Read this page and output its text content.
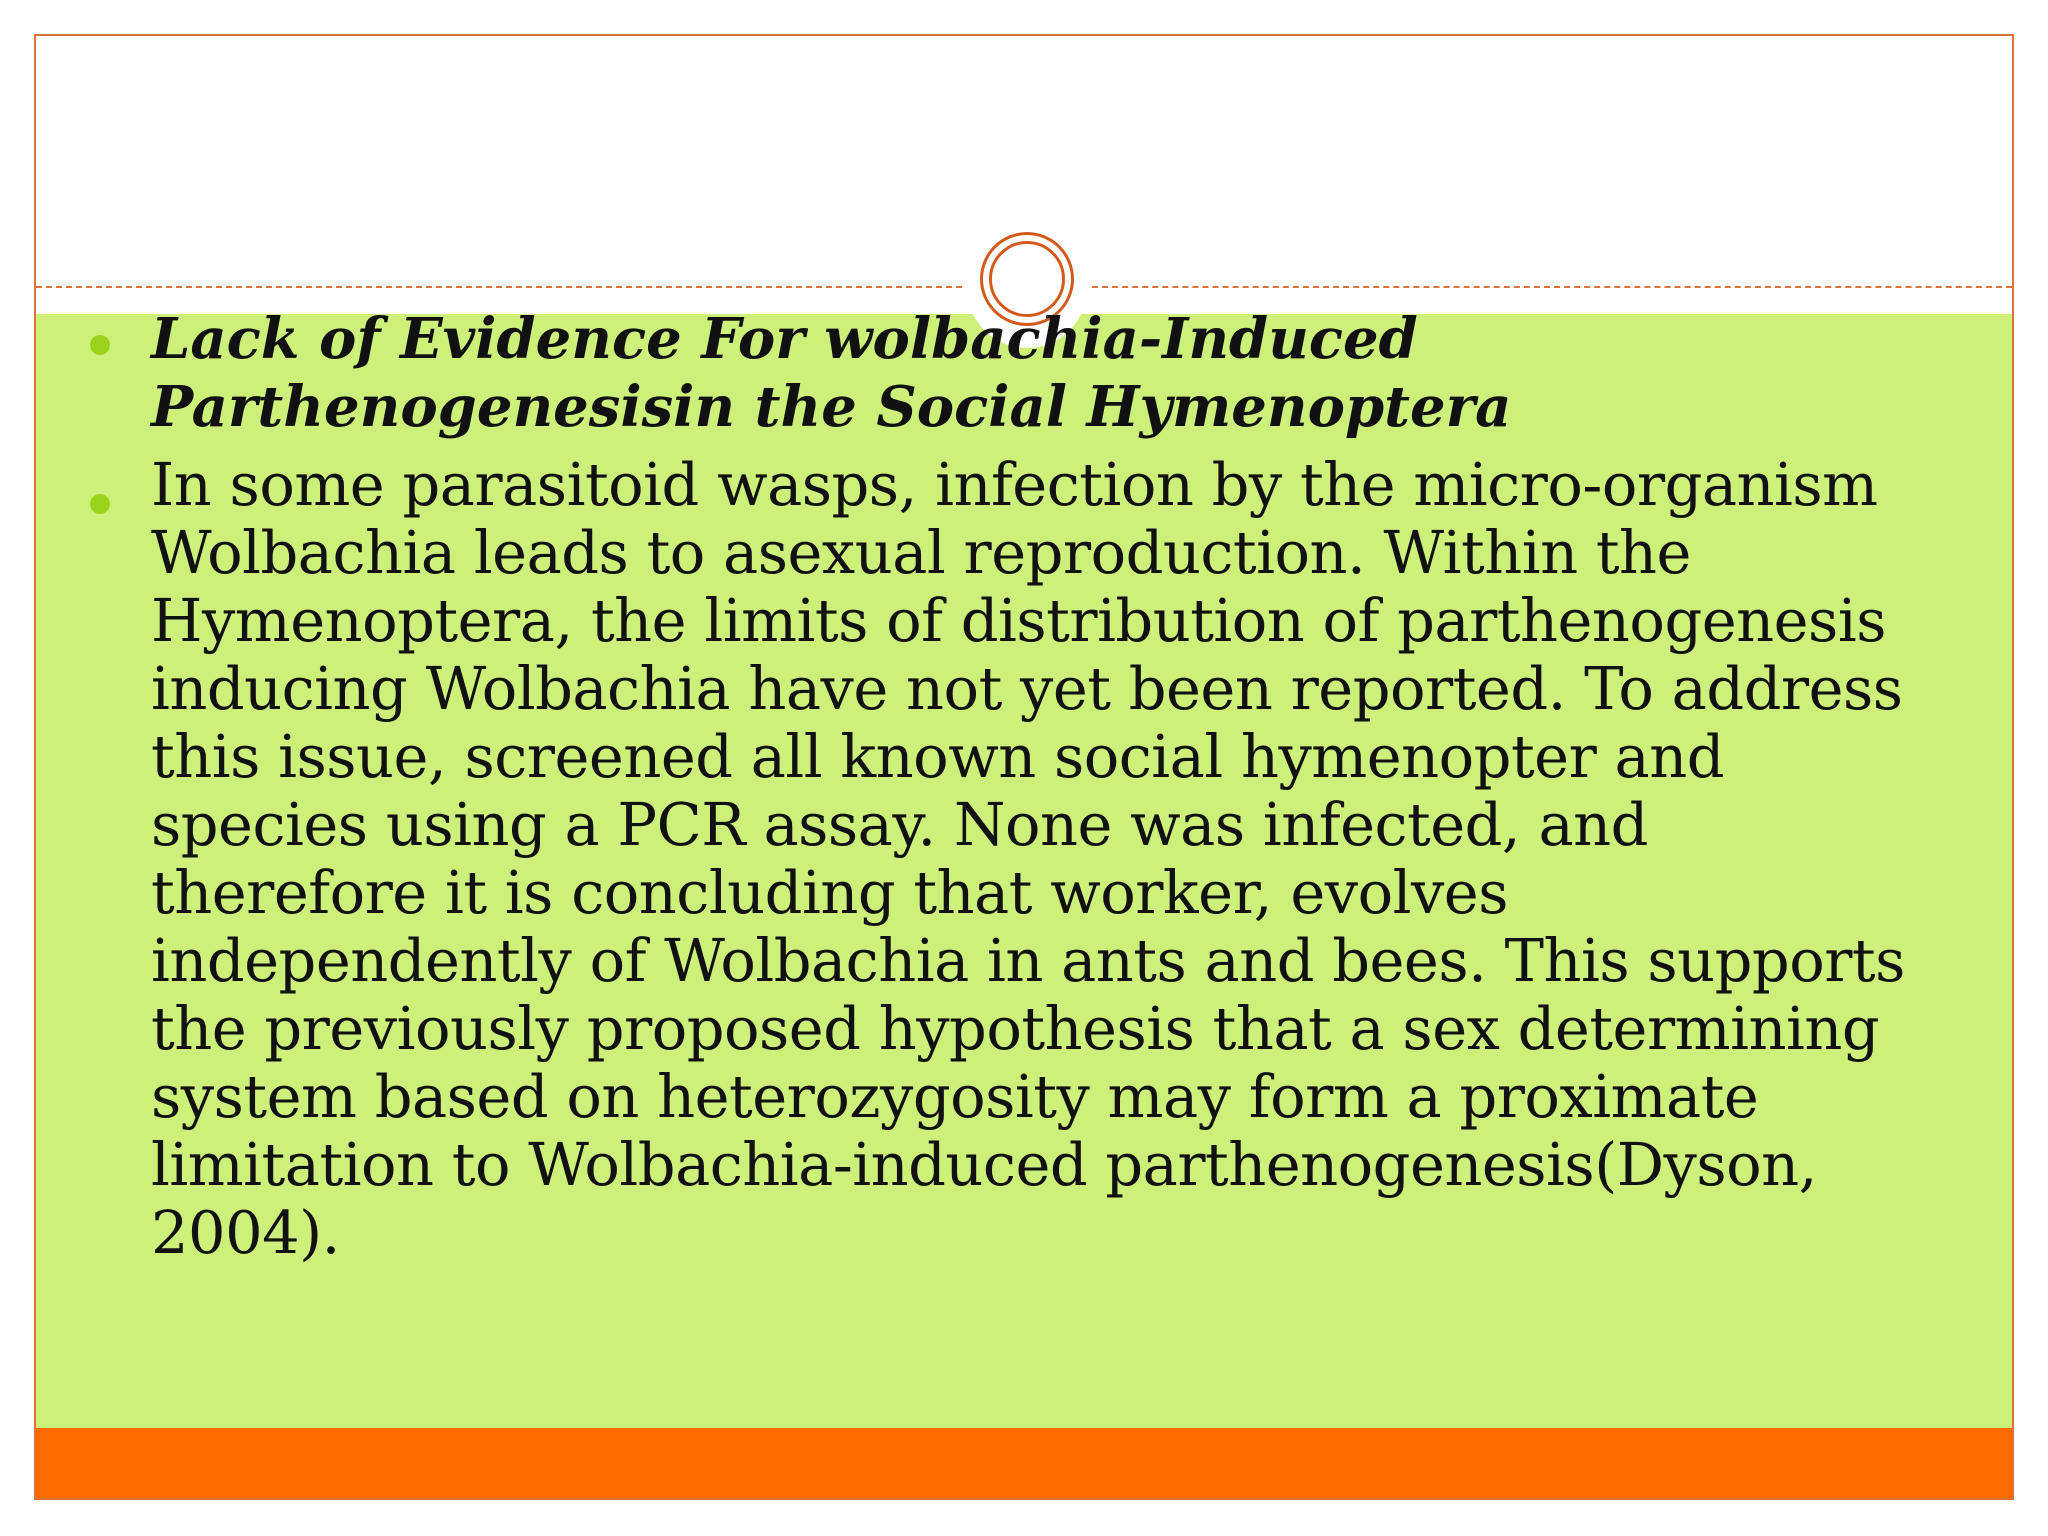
Lack of Evidence For wolbachia-Induced Parthenogenesisin the Social Hymenoptera
In some parasitoid wasps, infection by the micro-organism Wolbachia leads to asexual reproduction. Within the Hymenoptera, the limits of distribution of parthenogenesis inducing Wolbachia have not yet been reported. To address this issue, screened all known social hymenopter and species using a PCR assay. None was infected, and therefore it is concluding that worker, evolves independently of Wolbachia in ants and bees. This supports the previously proposed hypothesis that a sex determining system based on heterozygosity may form a proximate limitation to Wolbachia-induced parthenogenesis(Dyson, 2004).
